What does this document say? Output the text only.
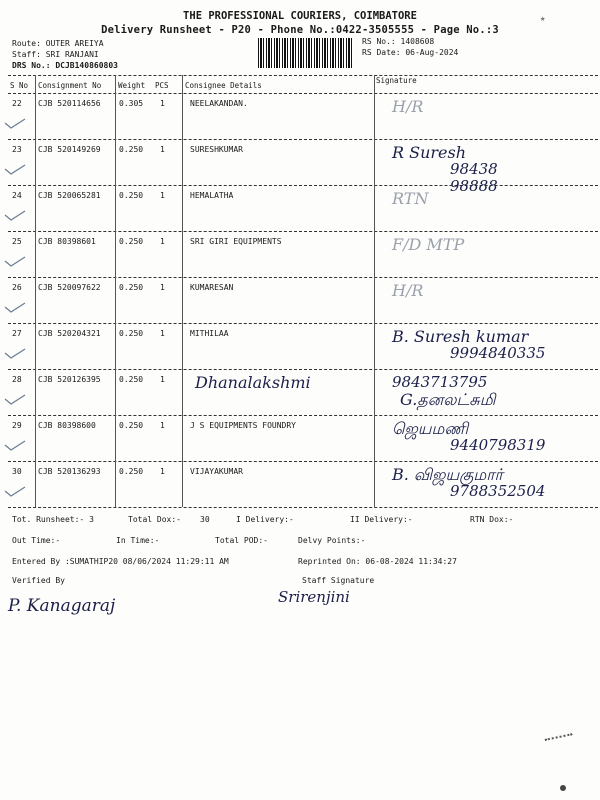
THE PROFESSIONAL COURIERS, COIMBATORE
Delivery Runsheet - P20 - Phone No.:0422-3505555 - Page No.:3
Route: OUTER AREIYA
Staff: SRI RANJANI
DRS No.: DCJB140860803
RS No.: 1408608
RS Date: 06-Aug-2024
★
S No Consignment No Weight PCS Consignee Details
Signature
22 CJB 520114656 0.305 1	NEELAKANDAN.	H/R
23 CJB 520149269 0.250 1	SURESHKUMAR	R Suresh
98438
98888
24 CJB 520065281 0.250 1	HEMALATHA	RTN
25 CJB 80398601	0.250 1	SRI GIRI EQUIPMENTS	F/D MTP
26 CJB 520097622 0.250 1	KUMARESAN	H/R
27 CJB 520204321 0.250 1	MITHILAA	B. Suresh kumar
9994840335
28 CJB 520126395 0.250 1 Dhanalakshmi	9843713795
G.தனலட்சுமி
29 CJB 80398600	0.250 1	J S EQUIPMENTS FOUNDRY	ஜெயமணி
9440798319
30 CJB 520136293 0.250 1	VIJAYAKUMAR	B. விஜயகுமார்
9788352504
Tot. Runsheet:- 3	Total Dox:- 30	I Delivery:-	II Delivery:-	RTN Dox:-
Out Time:-	In Time:-	Total POD:-	Delvy Points:-
Entered By :SUMATHIP20 08/06/2024 11:29:11 AM	Reprinted On: 06-08-2024 11:34:27
Verified By	Staff Signature
P. Kanagaraj	Srirenjini
